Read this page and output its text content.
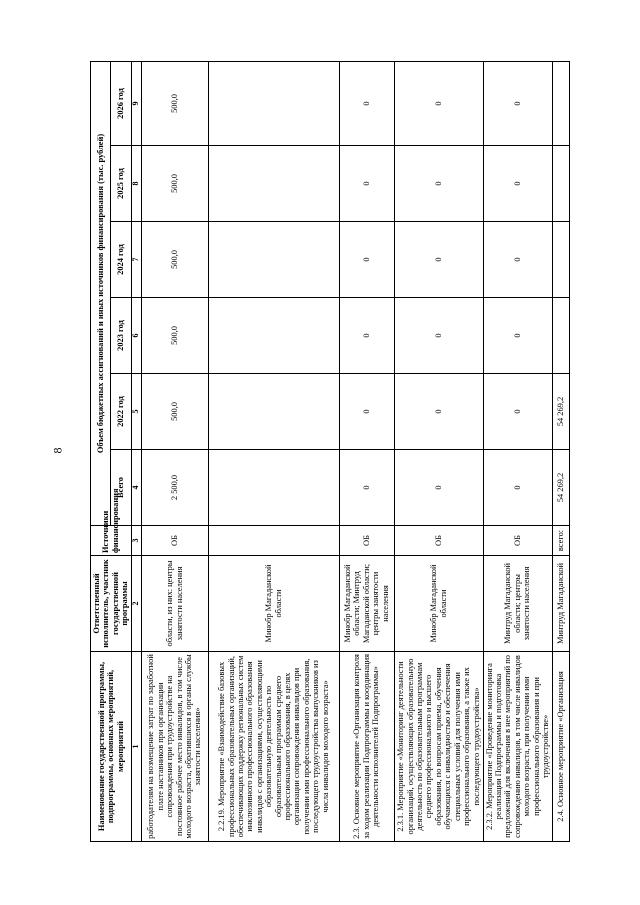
8
Наименование государственной программы, подпрограммы, основных мероприятий, мероприятий	Ответственный исполнитель, участник государственной программы	Источники финансирования	Объем бюджетных ассигнований и иных источников финансирования (тыс. рублей)					
			Всего	2022 год	2023 год	2024 год	2025 год	2026 год
1	2	3	4	5	6	7	8	9
работодателям на возмещение затрат по заработной плате наставников при организации сопровождения при трудоустройстве на постоянное рабочее место инвалидов, в том числе молодого возраста, обратившихся в органы службы занятости населения»	области, из них: центры занятости населения	ОБ	2 500,0	500,0	500,0	500,0	500,0	500,0
2.2.19. Мероприятие «Взаимодействие базовых профессиональных образовательных организаций, обеспечивающих поддержку региональных систем инклюзивного профессионального образования инвалидов с организациями, осуществляющими образовательную деятельность по образовательным программам среднего профессионального образования, в целях организации сопровождения инвалидов при получении ими профессионального образования, последующего трудоустройства выпускников из числа инвалидов молодого возраста»	Минобр Магаданской области							
2.3. Основное мероприятие «Организация контроля за ходом реализации Подпрограммы и координация деятельности исполнителей Подпрограммы»	Минобр Магаданской области; Минтруд Магаданской области; центры занятости населения	ОБ	0	0	0	0	0	0
2.3.1. Мероприятие «Мониторинг деятельности организаций, осуществляющих образовательную деятельность по образовательным программам среднего профессионального и высшего образования, по вопросам приема, обучения обучающихся с инвалидностью и обеспечения специальных условий для получения ими профессионального образования, а также их последующего трудоустройства»	Минобр Магаданской области	ОБ	0	0	0	0	0	0
2.3.2. Мероприятие «Проведение мониторинга реализации Подпрограммы и подготовка предложений для включения в нее мероприятий по сопровождению инвалидов, в том числе инвалидов молодого возраста, при получении ими профессионального образования и при трудоустройстве»	Минтруд Магаданской области; центры занятости населения	ОБ	0	0	0	0	0	0
2.4. Основное мероприятие «Организация	Минтруд Магаданской	всего:	54 269,2	54 269,2				
